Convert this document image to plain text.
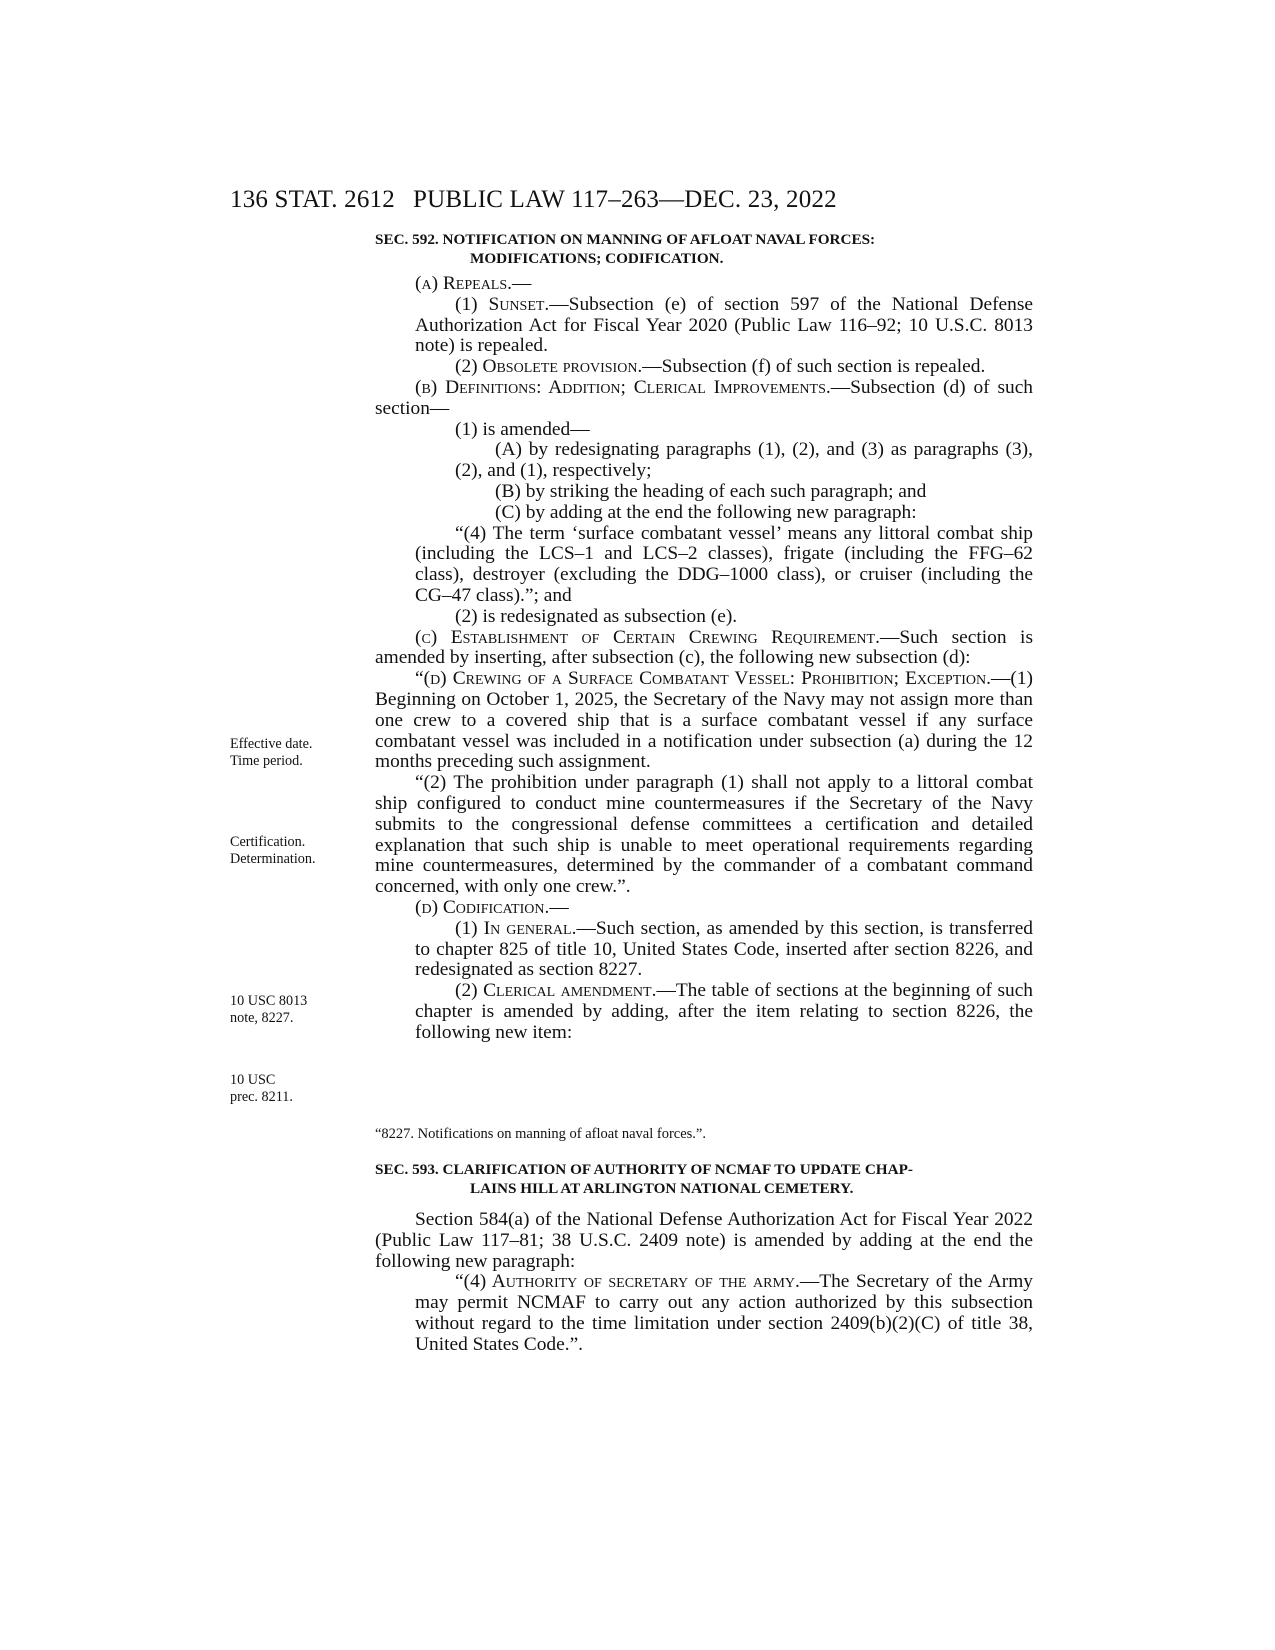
136 STAT. 2612 PUBLIC LAW 117–263—DEC. 23, 2022
SEC. 592. NOTIFICATION ON MANNING OF AFLOAT NAVAL FORCES:
MODIFICATIONS; CODIFICATION.

(a) Repeals.—

(1) Sunset.—Subsection (e) of section 597 of the National Defense Authorization Act for Fiscal Year 2020 (Public Law 116–92; 10 U.S.C. 8013 note) is repealed.

(2) Obsolete provision.—Subsection (f) of such section is repealed.

(b) Definitions: Addition; Clerical Improvements.—Subsection (d) of such section—

(1) is amended—

(A) by redesignating paragraphs (1), (2), and (3) as paragraphs (3), (2), and (1), respectively;

(B) by striking the heading of each such paragraph; and

(C) by adding at the end the following new paragraph:

“(4) The term ‘surface combatant vessel’ means any littoral combat ship (including the LCS–1 and LCS–2 classes), frigate (including the FFG–62 class), destroyer (excluding the DDG–1000 class), or cruiser (including the CG–47 class).”; and

(2) is redesignated as subsection (e).

(c) Establishment of Certain Crewing Requirement.—Such section is amended by inserting, after subsection (c), the following new subsection (d):

“(d) Crewing of a Surface Combatant Vessel: Prohibition; Exception.—(1) Beginning on October 1, 2025, the Secretary of the Navy may not assign more than one crew to a covered ship that is a surface combatant vessel if any surface combatant vessel was included in a notification under subsection (a) during the 12 months preceding such assignment.

“(2) The prohibition under paragraph (1) shall not apply to a littoral combat ship configured to conduct mine countermeasures if the Secretary of the Navy submits to the congressional defense committees a certification and detailed explanation that such ship is unable to meet operational requirements regarding mine countermeasures, determined by the commander of a combatant command concerned, with only one crew.”.

(d) Codification.—

(1) In general.—Such section, as amended by this section, is transferred to chapter 825 of title 10, United States Code, inserted after section 8226, and redesignated as section 8227.

(2) Clerical amendment.—The table of sections at the beginning of such chapter is amended by adding, after the item relating to section 8226, the following new item:

“8227. Notifications on manning of afloat naval forces.”.
SEC. 593. CLARIFICATION OF AUTHORITY OF NCMAF TO UPDATE CHAP-
LAINS HILL AT ARLINGTON NATIONAL CEMETERY.

Section 584(a) of the National Defense Authorization Act for Fiscal Year 2022 (Public Law 117–81; 38 U.S.C. 2409 note) is amended by adding at the end the following new paragraph:

“(4) Authority of secretary of the army.—The Secretary of the Army may permit NCMAF to carry out any action authorized by this subsection without regard to the time limitation under section 2409(b)(2)(C) of title 38, United States Code.”.

Effective date.
Time period.
Certification.
Determination.
10 USC 8013
note, 8227.
10 USC
prec. 8211.
